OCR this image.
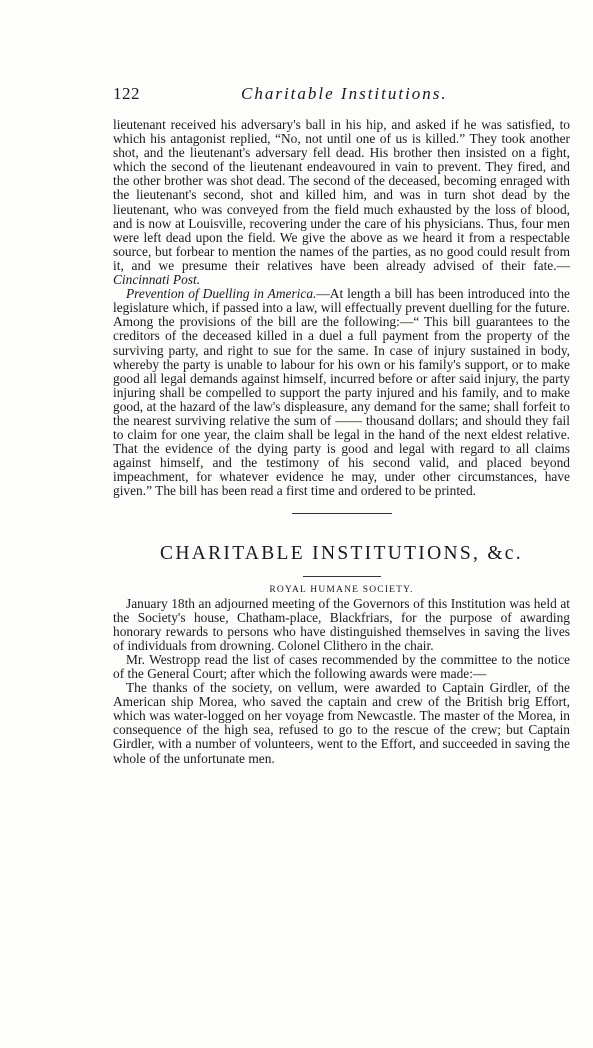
122	Charitable Institutions.

lieutenant received his adversary's ball in his hip, and asked if he was satisfied, to which his antagonist replied, “No, not until one of us is killed.” They took another shot, and the lieutenant's adversary fell dead. His brother then insisted on a fight, which the second of the lieutenant endeavoured in vain to prevent. They fired, and the other brother was shot dead. The second of the deceased, becoming enraged with the lieutenant's second, shot and killed him, and was in turn shot dead by the lieutenant, who was conveyed from the field much exhausted by the loss of blood, and is now at Louisville, recovering under the care of his physicians. Thus, four men were left dead upon the field. We give the above as we heard it from a respectable source, but forbear to mention the names of the parties, as no good could result from it, and we presume their relatives have been already advised of their fate.—Cincinnati Post.

Prevention of Duelling in America.—At length a bill has been introduced into the legislature which, if passed into a law, will effectually prevent duelling for the future. Among the provisions of the bill are the following:—“ This bill guarantees to the creditors of the deceased killed in a duel a full payment from the property of the surviving party, and right to sue for the same. In case of injury sustained in body, whereby the party is unable to labour for his own or his family's support, or to make good all legal demands against himself, incurred before or after said injury, the party injuring shall be compelled to support the party injured and his family, and to make good, at the hazard of the law's displeasure, any demand for the same; shall forfeit to the nearest surviving relative the sum of —— thousand dollars; and should they fail to claim for one year, the claim shall be legal in the hand of the next eldest relative. That the evidence of the dying party is good and legal with regard to all claims against himself, and the testimony of his second valid, and placed beyond impeachment, for whatever evidence he may, under other circumstances, have given.” The bill has been read a first time and ordered to be printed.

CHARITABLE INSTITUTIONS, &c.
ROYAL HUMANE SOCIETY.

January 18th an adjourned meeting of the Governors of this Institution was held at the Society's house, Chatham-place, Blackfriars, for the purpose of awarding honorary rewards to persons who have distinguished themselves in saving the lives of individuals from drowning. Colonel Clithero in the chair.

Mr. Westropp read the list of cases recommended by the committee to the notice of the General Court; after which the following awards were made:—

The thanks of the society, on vellum, were awarded to Captain Girdler, of the American ship Morea, who saved the captain and crew of the British brig Effort, which was water-logged on her voyage from Newcastle. The master of the Morea, in consequence of the high sea, refused to go to the rescue of the crew; but Captain Girdler, with a number of volunteers, went to the Effort, and succeeded in saving the whole of the unfortunate men.
